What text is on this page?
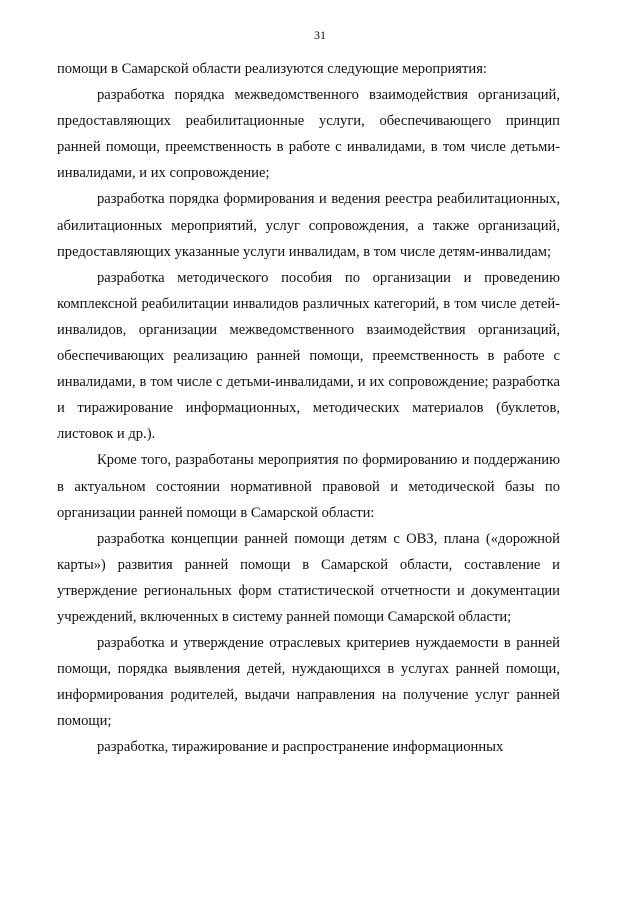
31

помощи в Самарской области реализуются следующие мероприятия:

разработка порядка межведомственного взаимодействия организаций, предоставляющих реабилитационные услуги, обеспечивающего принцип ранней помощи, преемственность в работе с инвалидами, в том числе детьми-инвалидами, и их сопровождение;

разработка порядка формирования и ведения реестра реабилитационных, абилитационных мероприятий, услуг сопровождения, а также организаций, предоставляющих указанные услуги инвалидам, в том числе детям-инвалидам;

разработка методического пособия по организации и проведению комплексной реабилитации инвалидов различных категорий, в том числе детей-инвалидов, организации межведомственного взаимодействия организаций, обеспечивающих реализацию ранней помощи, преемственность в работе с инвалидами, в том числе с детьми-инвалидами, и их сопровождение; разработка и тиражирование информационных, методических материалов (буклетов, листовок и др.).

Кроме того, разработаны мероприятия по формированию и поддержанию в актуальном состоянии нормативной правовой и методической базы по организации ранней помощи в Самарской области:

разработка концепции ранней помощи детям с ОВЗ, плана («дорожной карты») развития ранней помощи в Самарской области, составление и утверждение региональных форм статистической отчетности и документации учреждений, включенных в систему ранней помощи Самарской области;

разработка и утверждение отраслевых критериев нуждаемости в ранней помощи, порядка выявления детей, нуждающихся в услугах ранней помощи, информирования родителей, выдачи направления на получение услуг ранней помощи;

разработка, тиражирование и распространение информационных
